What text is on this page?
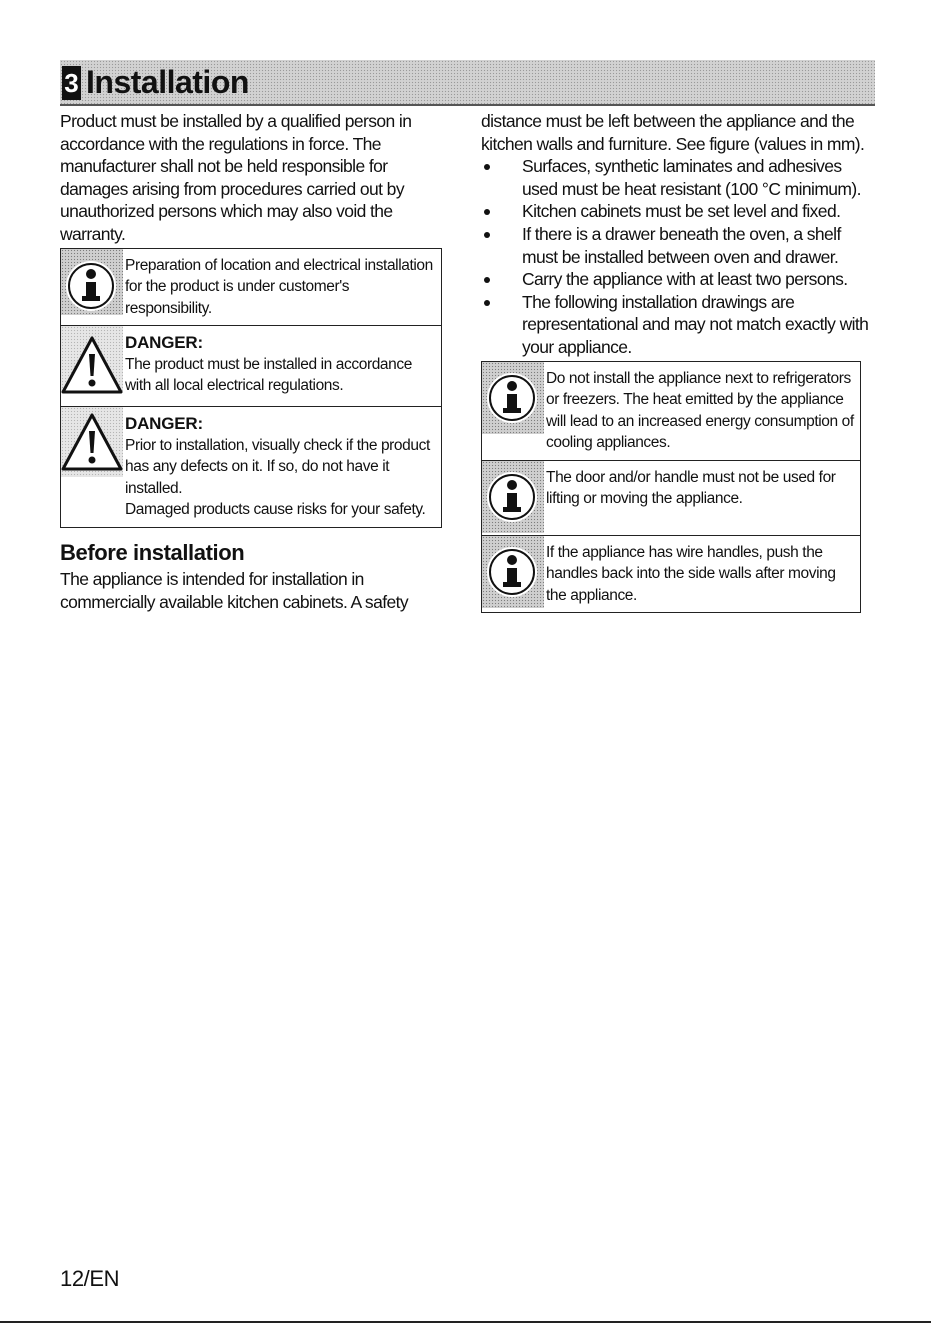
3 Installation

Product must be installed by a qualified person in accordance with the regulations in force. The manufacturer shall not be held responsible for damages arising from procedures carried out by unauthorized persons which may also void the warranty.

Preparation of location and electrical installation for the product is under customer's responsibility.

DANGER:

The product must be installed in accordance with all local electrical regulations.

DANGER:

Prior to installation, visually check if the product has any defects on it. If so, do not have it installed.

Damaged products cause risks for your safety.

Before installation

The appliance is intended for installation in commercially available kitchen cabinets. A safety

distance must be left between the appliance and the kitchen walls and furniture. See figure (values in mm).

Surfaces, synthetic laminates and adhesives used must be heat resistant (100 °C minimum).
Kitchen cabinets must be set level and fixed.
If there is a drawer beneath the oven, a shelf must be installed between oven and drawer.
Carry the appliance with at least two persons.
The following installation drawings are representational and may not match exactly with your appliance.

Do not install the appliance next to refrigerators or freezers. The heat emitted by the appliance will lead to an increased energy consumption of cooling appliances.

The door and/or handle must not be used for lifting or moving the appliance.

If the appliance has wire handles, push the handles back into the side walls after moving the appliance.

12/EN
